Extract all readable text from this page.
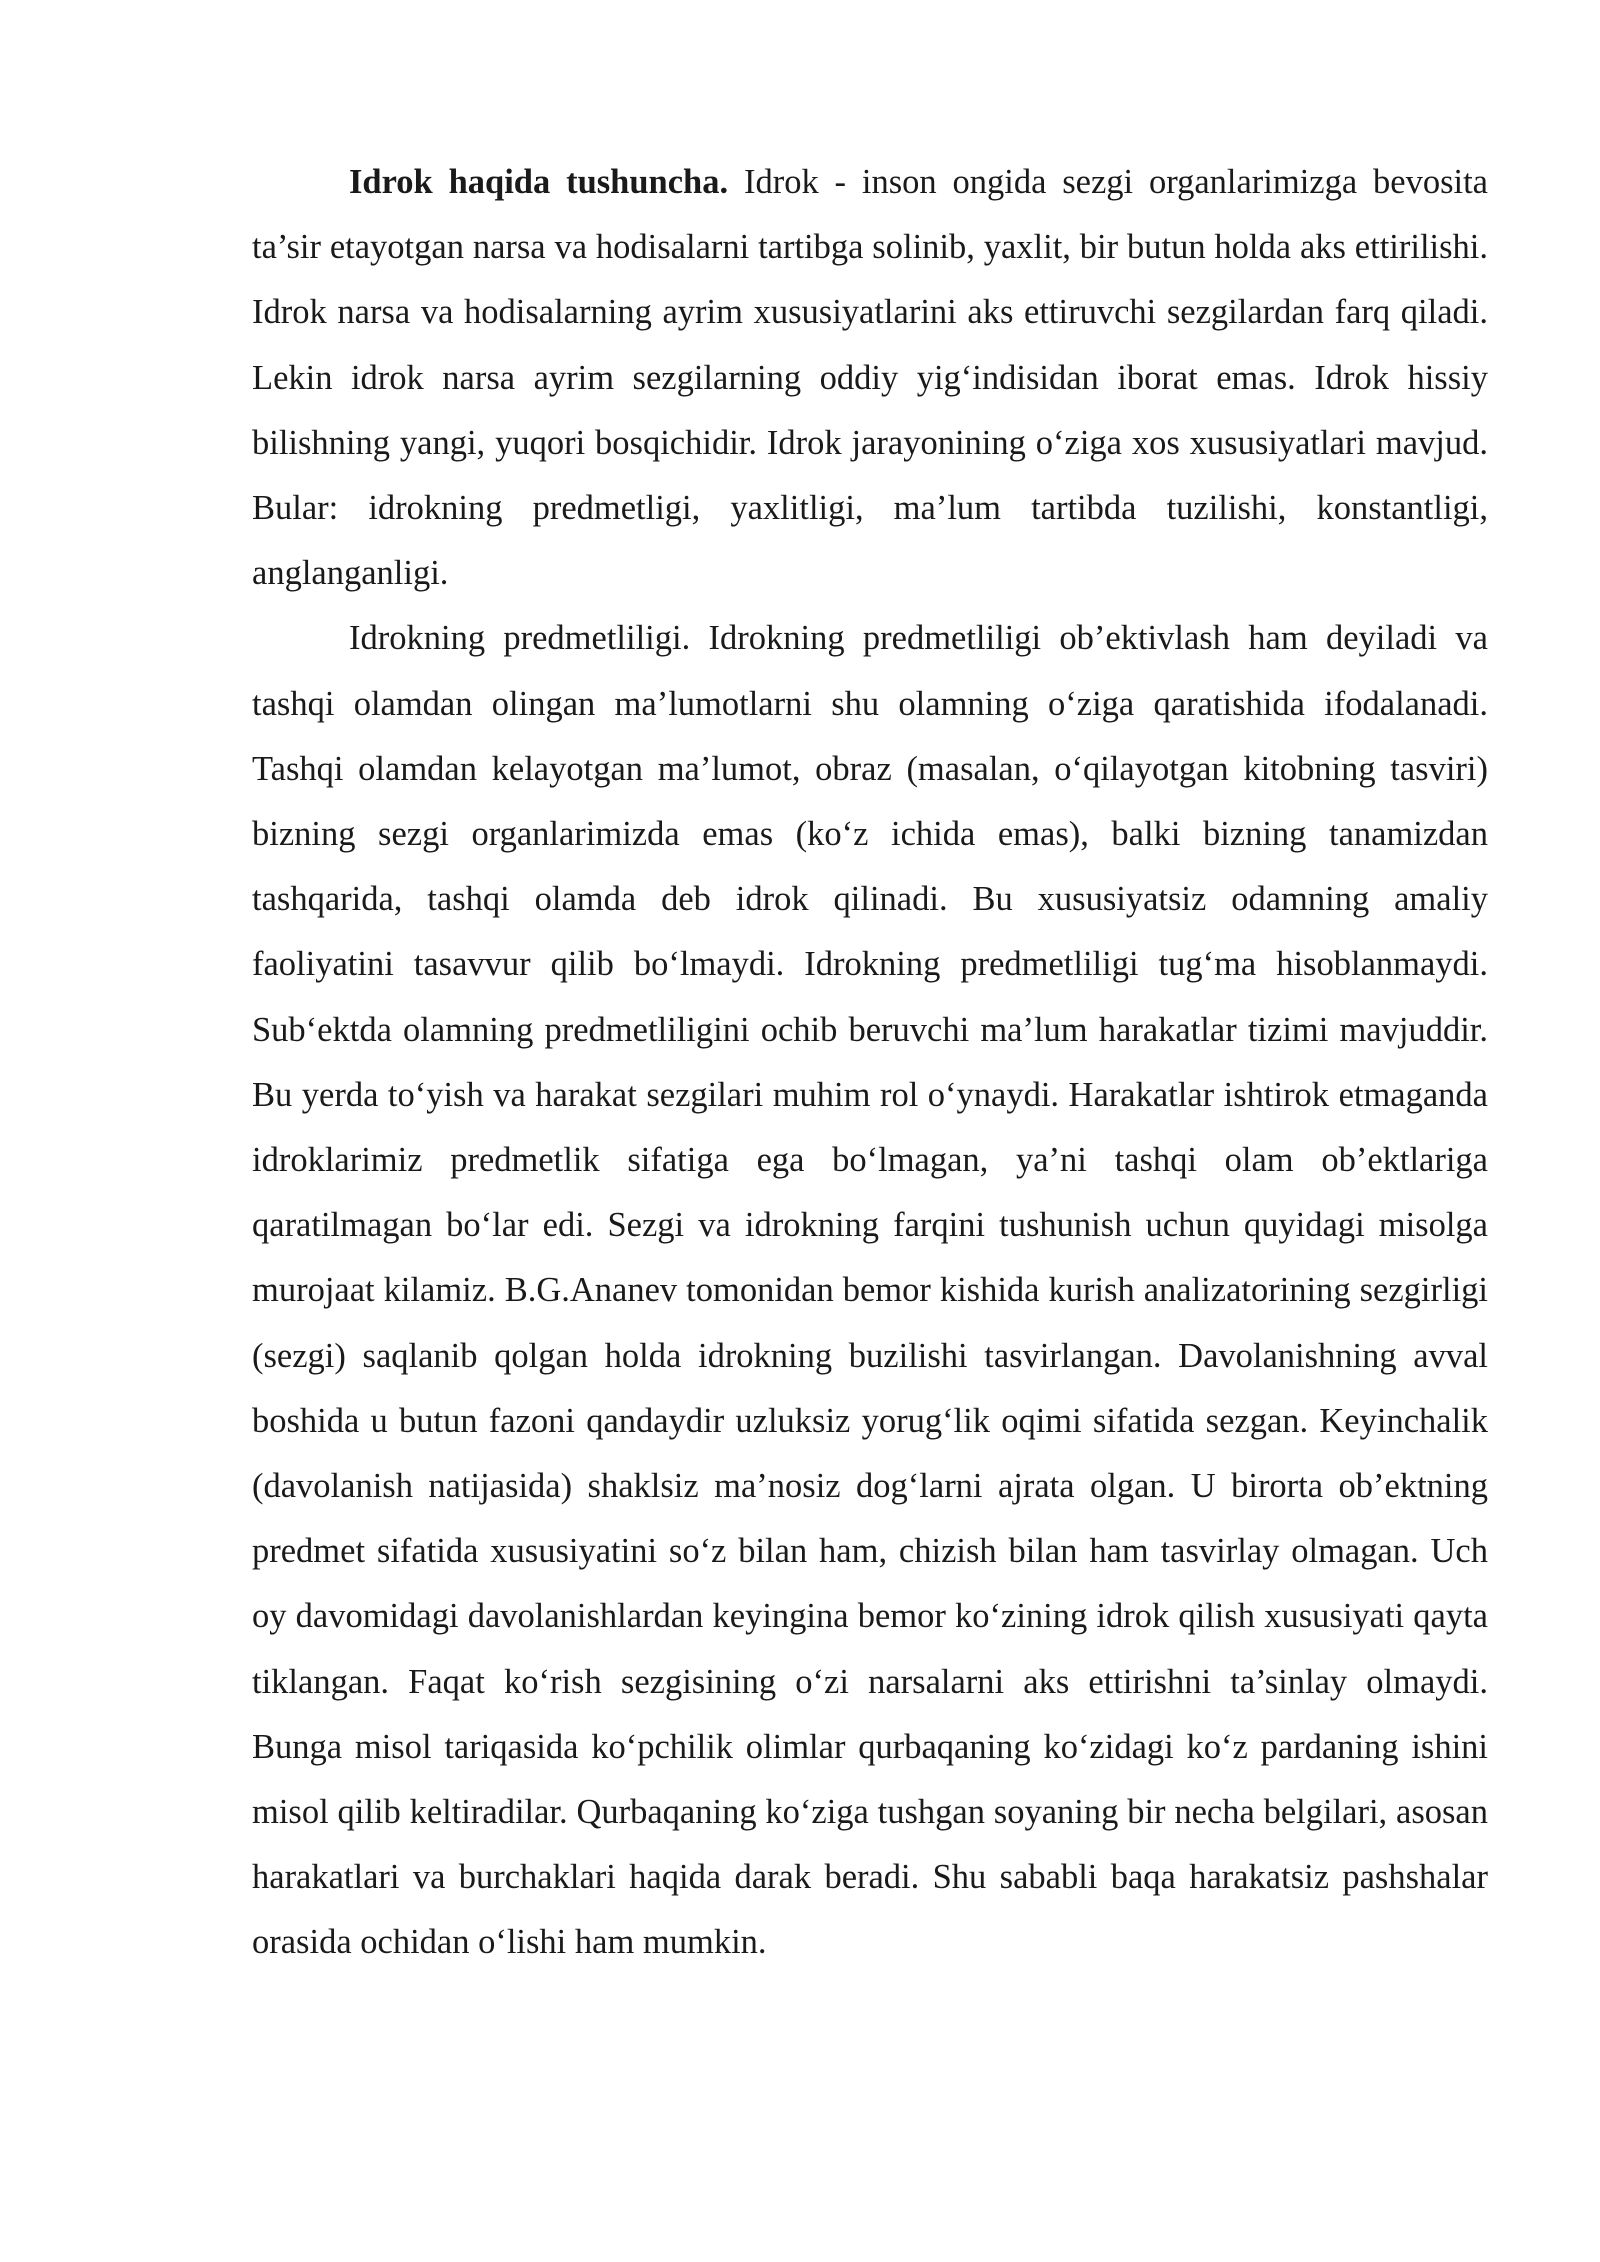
Idrok haqida tushuncha. Idrok - inson ongida sezgi organlarimizga bevosita ta’sir etayotgan narsa va hodisalarni tartibga solinib, yaxlit, bir butun holda aks ettirilishi. Idrok narsa va hodisalarning ayrim xususiyatlarini aks ettiruvchi sezgilardan farq qiladi. Lekin idrok narsa ayrim sezgilarning oddiy yig‘indisidan iborat emas. Idrok hissiy bilishning yangi, yuqori bosqichidir. Idrok jarayonining o‘ziga xos xususiyatlari mavjud. Bular: idrokning predmetligi, yaxlitligi, ma’lum tartibda tuzilishi, konstantligi, anglanganligi.

Idrokning predmetliligi. Idrokning predmetliligi ob’ektivlash ham deyiladi va tashqi olamdan olingan ma’lumotlarni shu olamning o‘ziga qaratishida ifodalanadi. Tashqi olamdan kelayotgan ma’lumot, obraz (masalan, o‘qilayotgan kitobning tasviri) bizning sezgi organlarimizda emas (ko‘z ichida emas), balki bizning tanamizdan tashqarida, tashqi olamda deb idrok qilinadi. Bu xususiyatsiz odamning amaliy faoliyatini tasavvur qilib bo‘lmaydi. Idrokning predmetliligi tug‘ma hisoblanmaydi. Sub‘ektda olamning predmetliligini ochib beruvchi ma’lum harakatlar tizimi mavjuddir. Bu yerda to‘yish va harakat sezgilari muhim rol o‘ynaydi. Harakatlar ishtirok etmaganda idroklarimiz predmetlik sifatiga ega bo‘lmagan, ya’ni tashqi olam ob’ektlariga qaratilmagan bo‘lar edi. Sezgi va idrokning farqini tushunish uchun quyidagi misolga murojaat kilamiz. B.G.Ananev tomonidan bemor kishida kurish analizatorining sezgirligi (sezgi) saqlanib qolgan holda idrokning buzilishi tasvirlangan. Davolanishning avval boshida u butun fazoni qandaydir uzluksiz yorug‘lik oqimi sifatida sezgan. Keyinchalik (davolanish natijasida) shaklsiz ma’nosiz dog‘larni ajrata olgan. U birorta ob’ektning predmet sifatida xususiyatini so‘z bilan ham, chizish bilan ham tasvirlay olmagan. Uch oy davomidagi davolanishlardan keyingina bemor ko‘zining idrok qilish xususiyati qayta tiklangan. Faqat ko‘rish sezgisining o‘zi narsalarni aks ettirishni ta’sinlay olmaydi. Bunga misol tariqasida ko‘pchilik olimlar qurbaqaning ko‘zidagi ko‘z pardaning ishini misol qilib keltiradilar. Qurbaqaning ko‘ziga tushgan soyaning bir necha belgilari, asosan harakatlari va burchaklari haqida darak beradi. Shu sababli baqa harakatsiz pashshalar orasida ochidan o‘lishi ham mumkin.
